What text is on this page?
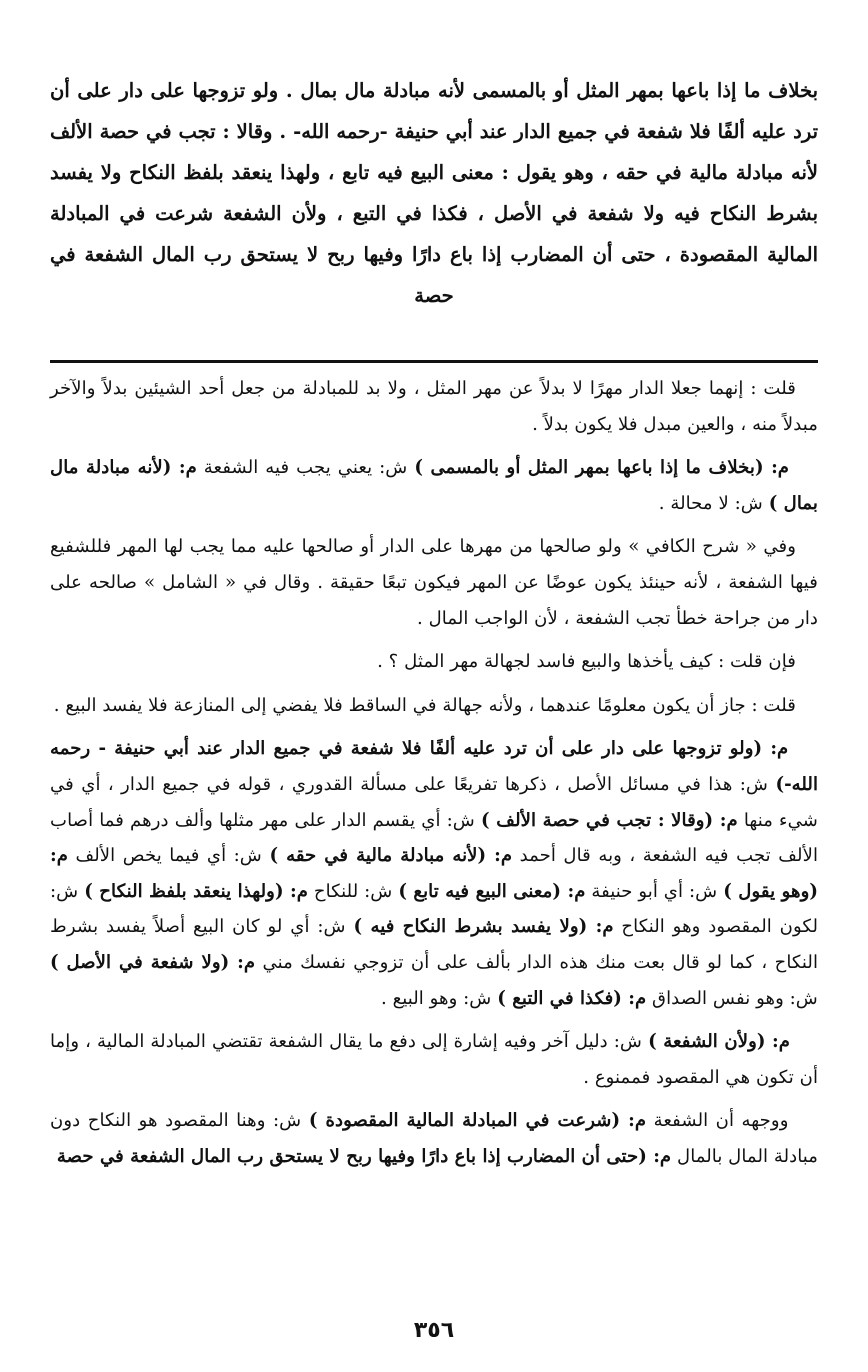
بخلاف ما إذا باعها بمهر المثل أو بالمسمى لأنه مبادلة مال بمال . ولو تزوجها على دار على أن ترد عليه ألفًا فلا شفعة في جميع الدار عند أبي حنيفة -رحمه الله- . وقالا : تجب في حصة الألف لأنه مبادلة مالية في حقه ، وهو يقول : معنى البيع فيه تابع ، ولهذا ينعقد بلفظ النكاح ولا يفسد بشرط النكاح فيه ولا شفعة في الأصل ، فكذا في التبع ، ولأن الشفعة شرعت في المبادلة المالية المقصودة ، حتى أن المضارب إذا باع دارًا وفيها ربح لا يستحق رب المال الشفعة في حصة

قلت : إنهما جعلا الدار مهرًا لا بدلاً عن مهر المثل ، ولا بد للمبادلة من جعل أحد الشيئين بدلاً والآخر مبدلاً منه ، والعين مبدل فلا يكون بدلاً .

م: (بخلاف ما إذا باعها بمهر المثل أو بالمسمى ) ش: يعني يجب فيه الشفعة م: (لأنه مبادلة مال بمال ) ش: لا محالة .

وفي « شرح الكافي » ولو صالحها من مهرها على الدار أو صالحها عليه مما يجب لها المهر فللشفيع فيها الشفعة ، لأنه حينئذ يكون عوضًا عن المهر فيكون تبعًا حقيقة . وقال في « الشامل » صالحه على دار من جراحة خطأ تجب الشفعة ، لأن الواجب المال .

فإن قلت : كيف يأخذها والبيع فاسد لجهالة مهر المثل ؟ .

قلت : جاز أن يكون معلومًا عندهما ، ولأنه جهالة في الساقط فلا يفضي إلى المنازعة فلا يفسد البيع .

م: (ولو تزوجها على دار على أن ترد عليه ألفًا فلا شفعة في جميع الدار عند أبي حنيفة - رحمه الله-) ش: هذا في مسائل الأصل ، ذكرها تفريعًا على مسألة القدوري ، قوله في جميع الدار ، أي في شيء منها م: (وقالا : تجب في حصة الألف ) ش: أي يقسم الدار على مهر مثلها وألف درهم فما أصاب الألف تجب فيه الشفعة ، وبه قال أحمد م: (لأنه مبادلة مالية في حقه ) ش: أي فيما يخص الألف م: (وهو يقول ) ش: أي أبو حنيفة م: (معنى البيع فيه تابع ) ش: للنكاح م: (ولهذا ينعقد بلفظ النكاح ) ش: لكون المقصود وهو النكاح م: (ولا يفسد بشرط النكاح فيه ) ش: أي لو كان البيع أصلاً يفسد بشرط النكاح ، كما لو قال بعت منك هذه الدار بألف على أن تزوجي نفسك مني م: (ولا شفعة في الأصل ) ش: وهو نفس الصداق م: (فكذا في التبع ) ش: وهو البيع .

م: (ولأن الشفعة ) ش: دليل آخر وفيه إشارة إلى دفع ما يقال الشفعة تقتضي المبادلة المالية ، وإما أن تكون هي المقصود فممنوع .

ووجهه أن الشفعة م: (شرعت في المبادلة المالية المقصودة ) ش: وهنا المقصود هو النكاح دون مبادلة المال بالمال م: (حتى أن المضارب إذا باع دارًا وفيها ربح لا يستحق رب المال الشفعة في حصة

٣٥٦
